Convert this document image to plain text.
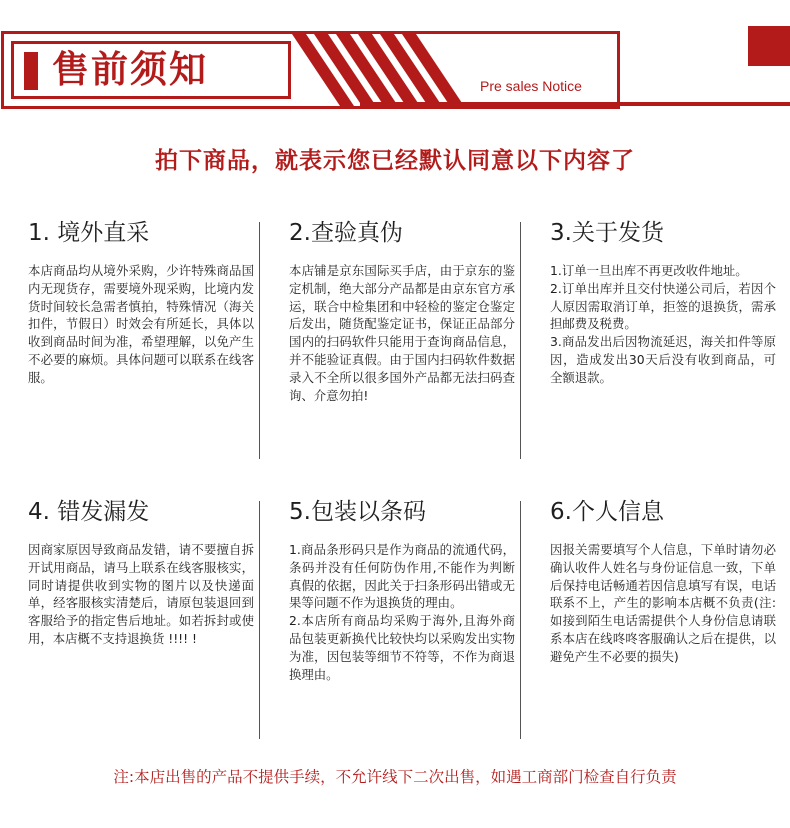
售前须知	Pre sales Notice
拍下商品，就表示您已经默认同意以下内容了
1. 境外直采

本店商品均从境外采购，少许特殊商品国内无现货存，需要境外现采购，比境内发货时间较长急需者慎拍，特殊情况（海关扣件，节假日）时效会有所延长，具体以收到商品时间为准，希望理解，以免产生不必要的麻烦。具体问题可以联系在线客服。

2.查验真伪

本店铺是京东国际买手店，由于京东的鉴定机制，绝大部分产品都是由京东官方承运，联合中检集团和中轻检的鉴定仓鉴定后发出，随货配鉴定证书，保证正品部分国内的扫码软件只能用于查询商品信息，并不能验证真假。由于国内扫码软件数据录入不全所以很多国外产品都无法扫码查询、介意勿拍!

3.关于发货

1.订单一旦出库不再更改收件地址。

2.订单出库并且交付快递公司后，若因个人原因需取消订单，拒签的退换货，需承担邮费及税费。

3.商品发出后因物流延迟，海关扣件等原因，造成发出30天后没有收到商品，可全额退款。

4. 错发漏发

因商家原因导致商品发错，请不要擅自拆开试用商品，请马上联系在线客服核实，同时请提供收到实物的图片以及快递面单，经客服核实清楚后，请原包装退回到客服给予的指定售后地址。如若拆封或使用，本店概不支持退换货 !!!! !

5.包装以条码

1.商品条形码只是作为商品的流通代码，条码并没有任何防伪作用,不能作为判断真假的依据，因此关于扫条形码出错或无果等问题不作为退换货的理由。

2.本店所有商品均采购于海外,且海外商品包装更新换代比较快均以采购发出实物为准，因包装等细节不符等，不作为商退换理由。

6.个人信息

因报关需要填写个人信息，下单时请勿必确认收件人姓名与身份证信息一致，下单后保持电话畅通若因信息填写有误，电话联系不上，产生的影响本店概不负责(注:如接到陌生电话需提供个人身份信息请联系本店在线咚咚客服确认之后在提供，以避免产生不必要的损失)

注:本店出售的产品不提供手续，不允许线下二次出售，如遇工商部门检查自行负责
